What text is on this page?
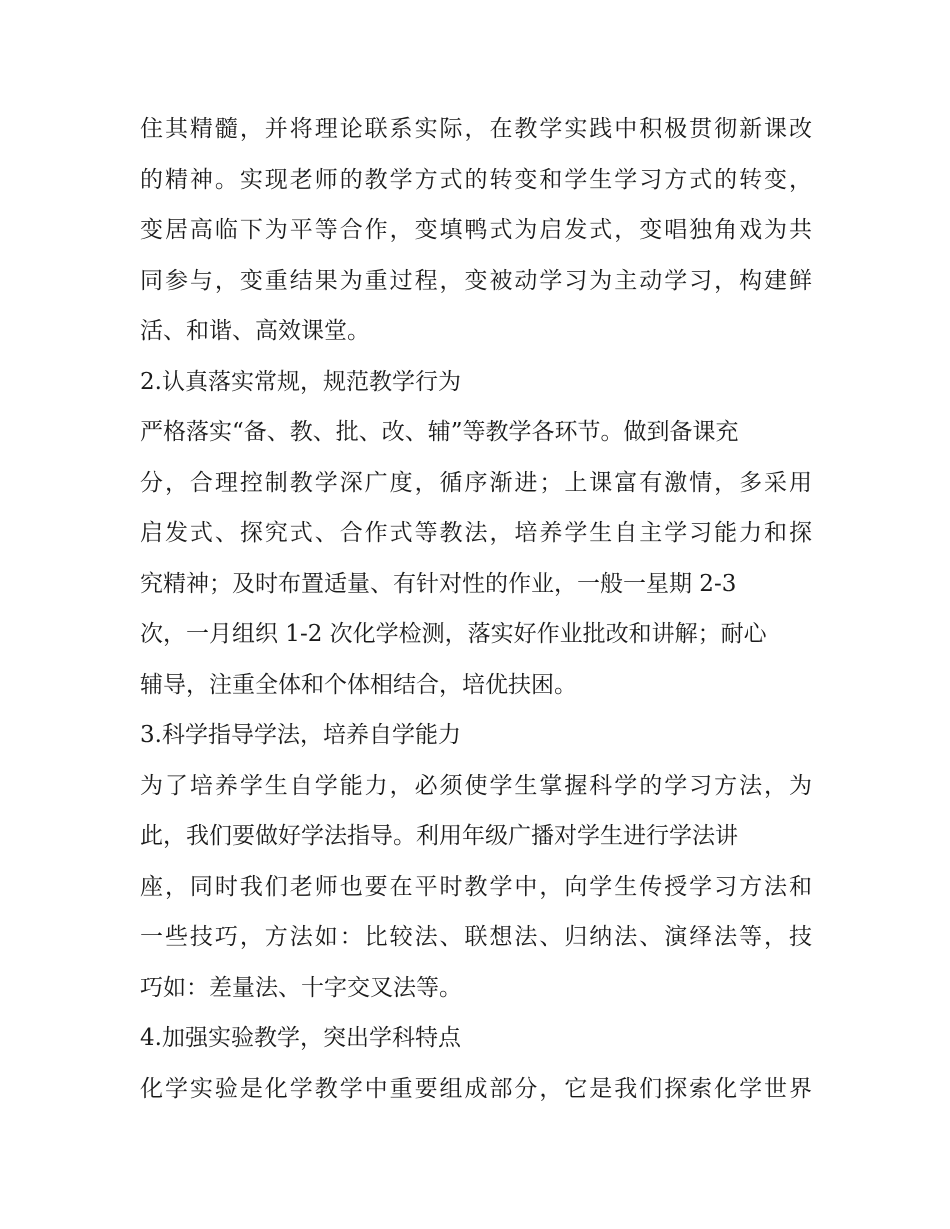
住其精髓，并将理论联系实际，在教学实践中积极贯彻新课改
的精神。实现老师的教学方式的转变和学生学习方式的转变，
变居高临下为平等合作，变填鸭式为启发式，变唱独角戏为共
同参与，变重结果为重过程，变被动学习为主动学习，构建鲜
活、和谐、高效课堂。
2.认真落实常规，规范教学行为
严格落实“备、教、批、改、辅”等教学各环节。做到备课充
分，合理控制教学深广度，循序渐进；上课富有激情，多采用
启发式、探究式、合作式等教法，培养学生自主学习能力和探
究精神；及时布置适量、有针对性的作业，一般一星期 2-3
次，一月组织 1-2 次化学检测，落实好作业批改和讲解；耐心
辅导，注重全体和个体相结合，培优扶困。
3.科学指导学法，培养自学能力
为了培养学生自学能力，必须使学生掌握科学的学习方法，为
此，我们要做好学法指导。利用年级广播对学生进行学法讲
座，同时我们老师也要在平时教学中，向学生传授学习方法和
一些技巧，方法如：比较法、联想法、归纳法、演绎法等，技
巧如：差量法、十字交叉法等。
4.加强实验教学，突出学科特点
化学实验是化学教学中重要组成部分，它是我们探索化学世界
